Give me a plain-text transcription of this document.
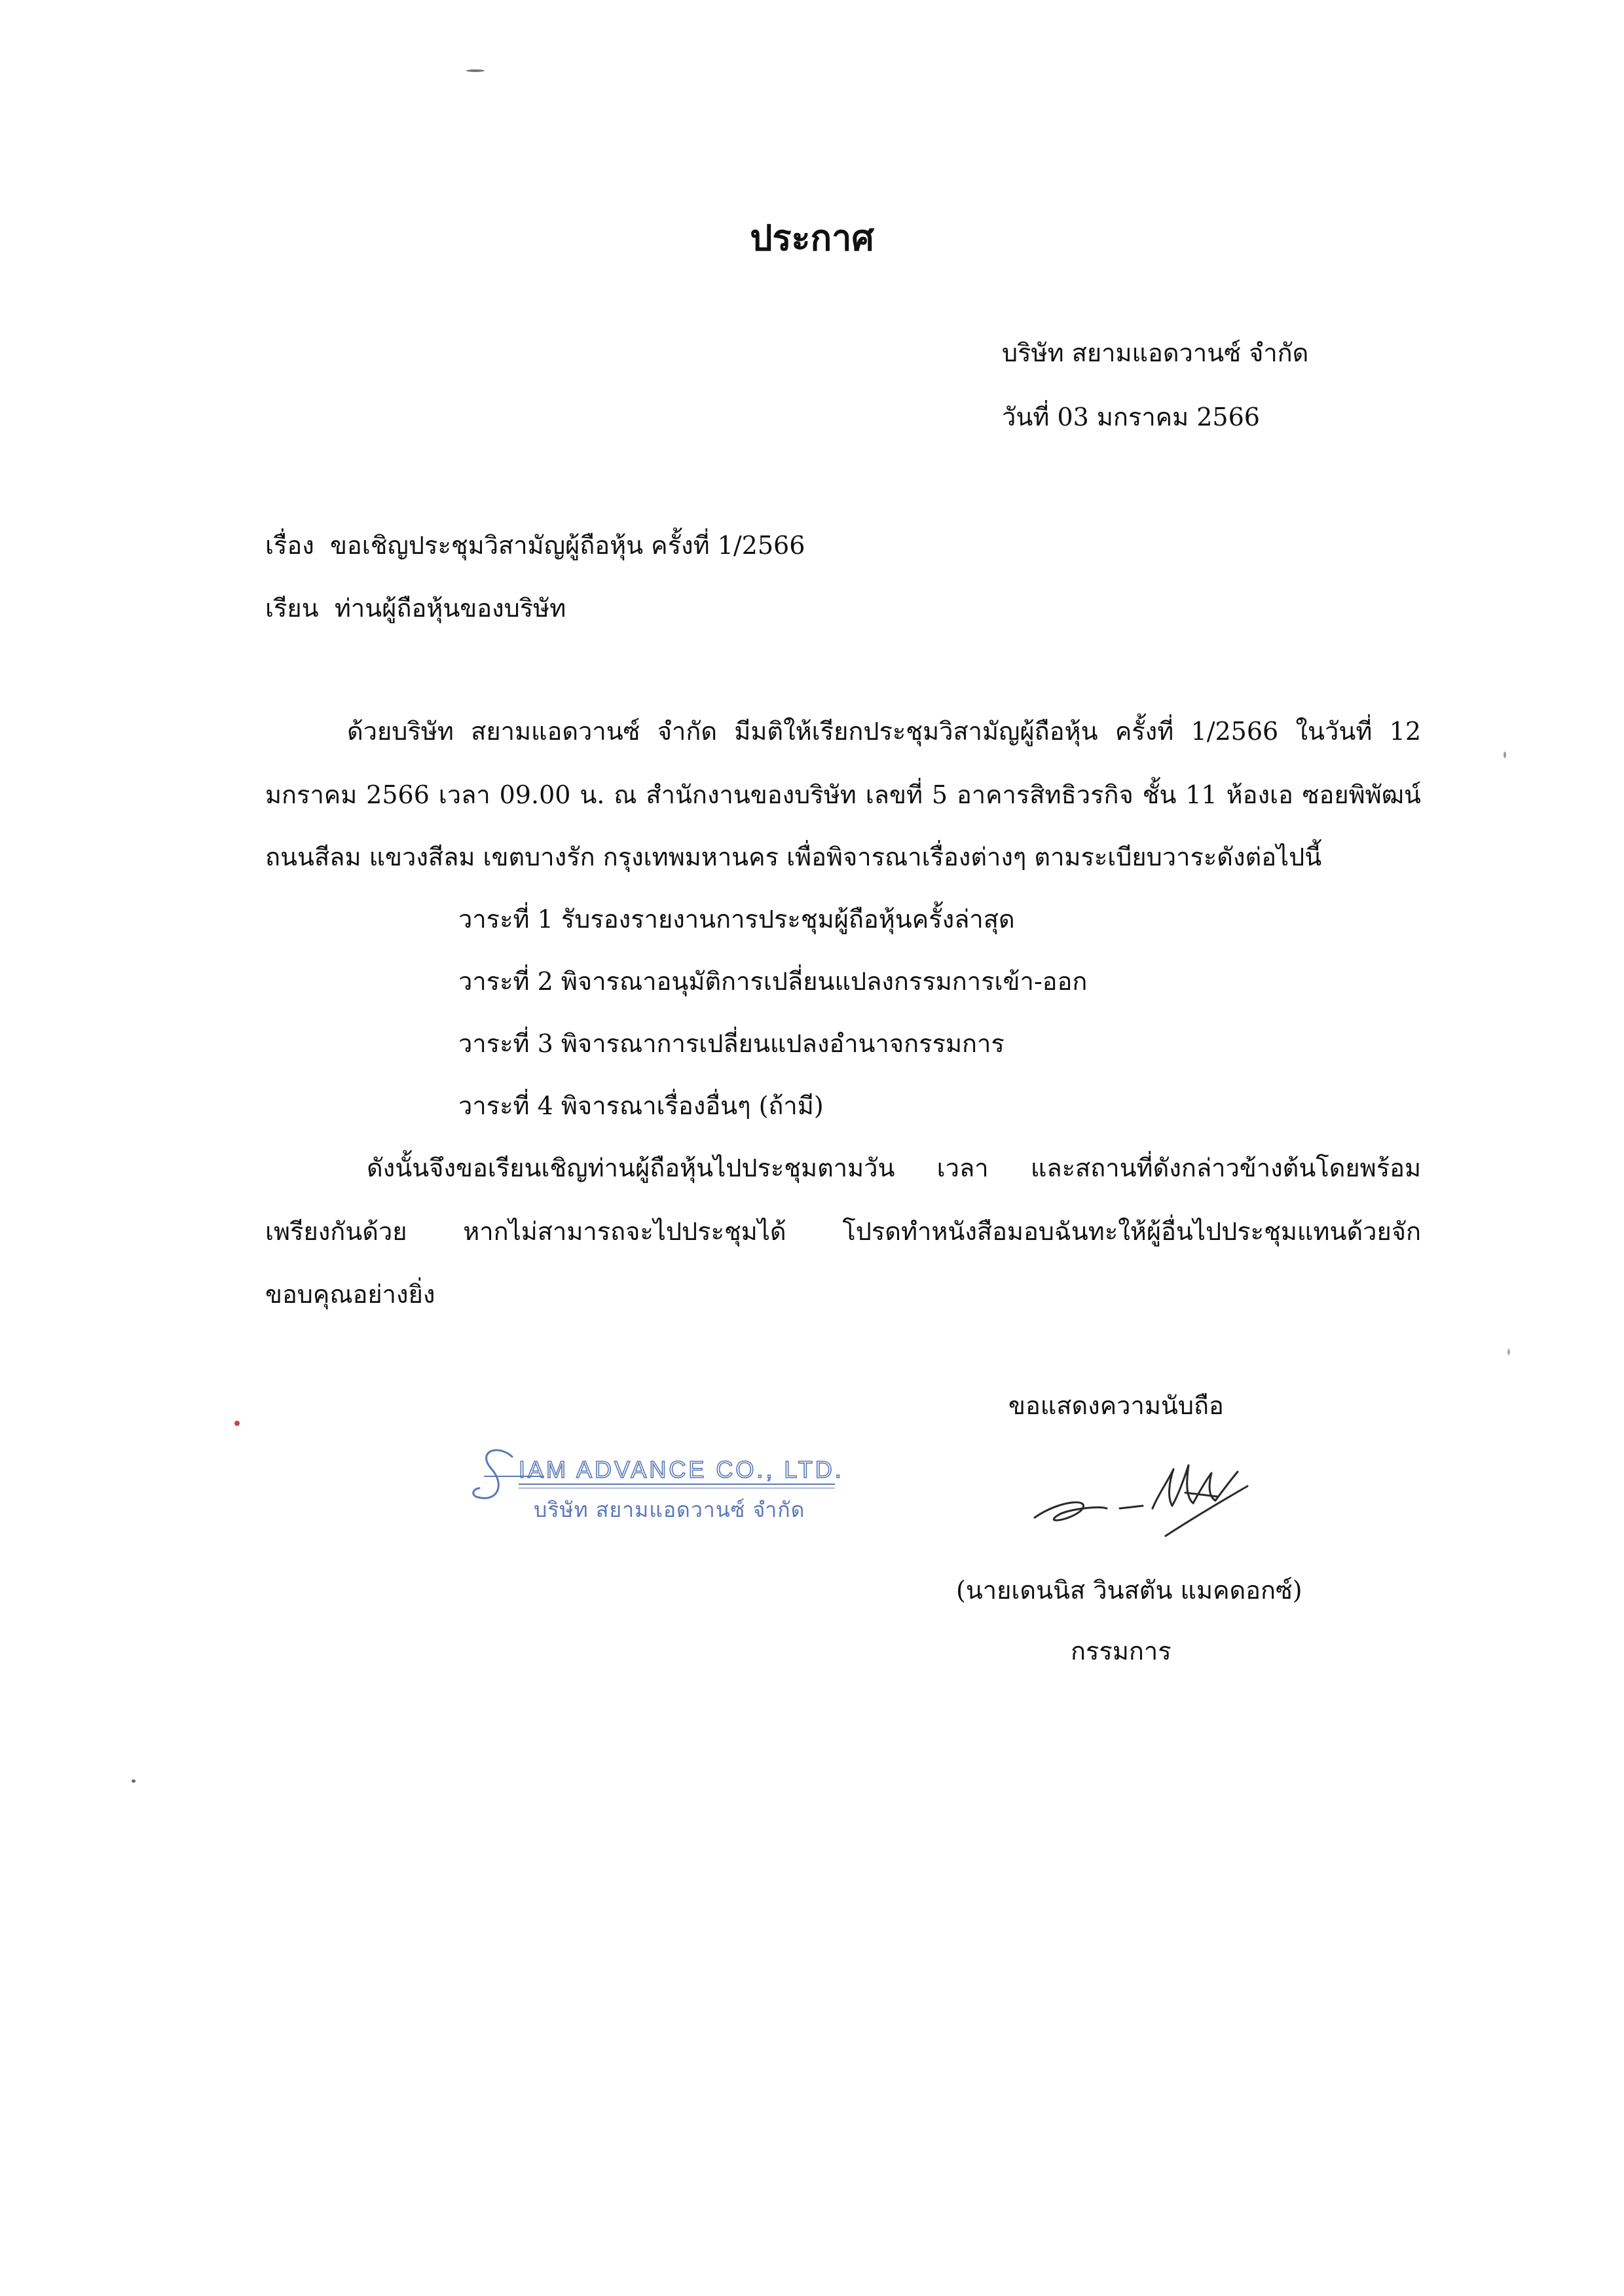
ประกาศ
บริษัท สยามแอดวานซ์ จำกัด
วันที่ 03 มกราคม 2566
เรื่อง ขอเชิญประชุมวิสามัญผู้ถือหุ้น ครั้งที่ 1/2566
เรียน ท่านผู้ถือหุ้นของบริษัท
ด้วยบริษัท สยามแอดวานซ์ จำกัด มีมติให้เรียกประชุมวิสามัญผู้ถือหุ้น ครั้งที่ 1/2566 ในวันที่ 12
มกราคม 2566 เวลา 09.00 น. ณ สำนักงานของบริษัท เลขที่ 5 อาคารสิทธิวรกิจ ชั้น 11 ห้องเอ ซอยพิพัฒน์
ถนนสีลม แขวงสีลม เขตบางรัก กรุงเทพมหานคร เพื่อพิจารณาเรื่องต่างๆ ตามระเบียบวาระดังต่อไปนี้
วาระที่ 1 รับรองรายงานการประชุมผู้ถือหุ้นครั้งล่าสุด
วาระที่ 2 พิจารณาอนุมัติการเปลี่ยนแปลงกรรมการเข้า-ออก
วาระที่ 3 พิจารณาการเปลี่ยนแปลงอำนาจกรรมการ
วาระที่ 4 พิจารณาเรื่องอื่นๆ (ถ้ามี)
ดังนั้นจึงขอเรียนเชิญท่านผู้ถือหุ้นไปประชุมตามวัน เวลา และสถานที่ดังกล่าวข้างต้นโดยพร้อม
เพรียงกันด้วย หากไม่สามารถจะไปประชุมได้ โปรดทำหนังสือมอบฉันทะให้ผู้อื่นไปประชุมแทนด้วยจัก
ขอบคุณอย่างยิ่ง
ขอแสดงความนับถือ
IAM ADVANCE CO., LTD.
บริษัท สยามแอดวานซ์ จำกัด
(นายเดนนิส วินสตัน แมคดอกซ์)
กรรมการ
